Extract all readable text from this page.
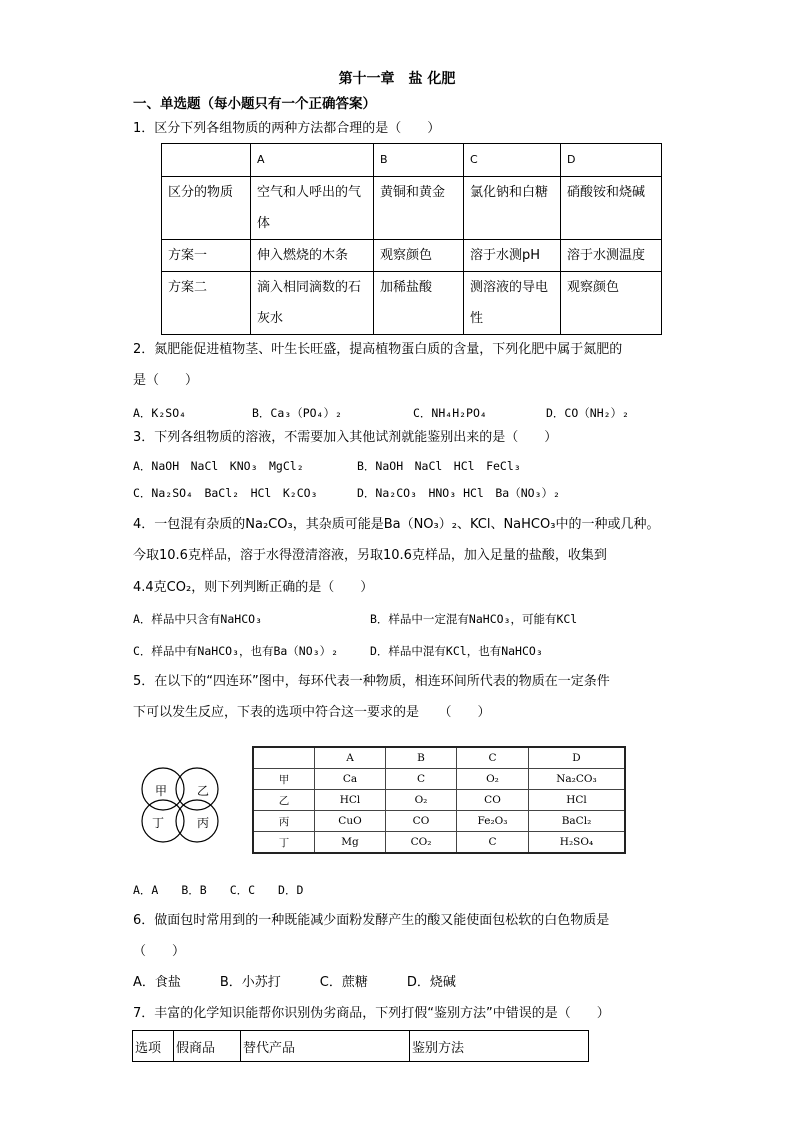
第十一章　盐 化肥
一、单选题（每小题只有一个正确答案）
1．区分下列各组物质的两种方法都合理的是（　　）
	A	B	C	D
区分的物质	空气和人呼出的气体	黄铜和黄金	氯化钠和白糖	硝酸铵和烧碱
方案一	伸入燃烧的木条	观察颜色	溶于水测pH	溶于水测温度
方案二	滴入相同滴数的石灰水	加稀盐酸	测溶液的导电性	观察颜色
2．氮肥能促进植物茎、叶生长旺盛，提高植物蛋白质的含量，下列化肥中属于氮肥的
是（　　）
A．K₂SO₄	B．Ca₃（PO₄）₂	C．NH₄H₂PO₄	D．CO（NH₂）₂
3．下列各组物质的溶液，不需要加入其他试剂就能鉴别出来的是（　　）
A．NaOH　NaCl　KNO₃　MgCl₂	B．NaOH　NaCl　HCl　FeCl₃
C．Na₂SO₄　BaCl₂　HCl　K₂CO₃	D．Na₂CO₃　HNO₃ HCl　Ba（NO₃）₂
4．一包混有杂质的Na₂CO₃，其杂质可能是Ba（NO₃）₂、KCl、NaHCO₃中的一种或几种。
今取10.6克样品，溶于水得澄清溶液，另取10.6克样品，加入足量的盐酸，收集到
4.4克CO₂，则下列判断正确的是（　　）
A．样品中只含有NaHCO₃	B．样品中一定混有NaHCO₃，可能有KCl
C．样品中有NaHCO₃，也有Ba（NO₃）₂	D．样品中混有KCl，也有NaHCO₃
5．在以下的“四连环”图中，每环代表一种物质，相连环间所代表的物质在一定条件
下可以发生反应，下表的选项中符合这一要求的是　　（　　）
甲 乙
丁	丙
	A	B	C	D
甲	Ca	C	O₂	Na₂CO₃
乙	HCl	O₂	CO	HCl
丙	CuO	CO	Fe₂O₃	BaCl₂
丁	Mg	CO₂	C	H₂SO₄
A．A　　B．B　　C．C　　D．D
6．做面包时常用到的一种既能减少面粉发酵产生的酸又能使面包松软的白色物质是
（　　）
A．食盐　　　B．小苏打　　　C．蔗糖　　　D．烧碱
7．丰富的化学知识能帮你识别伪劣商品，下列打假“鉴别方法”中错误的是（　　）
选项	假商品	替代产品	鉴别方法
